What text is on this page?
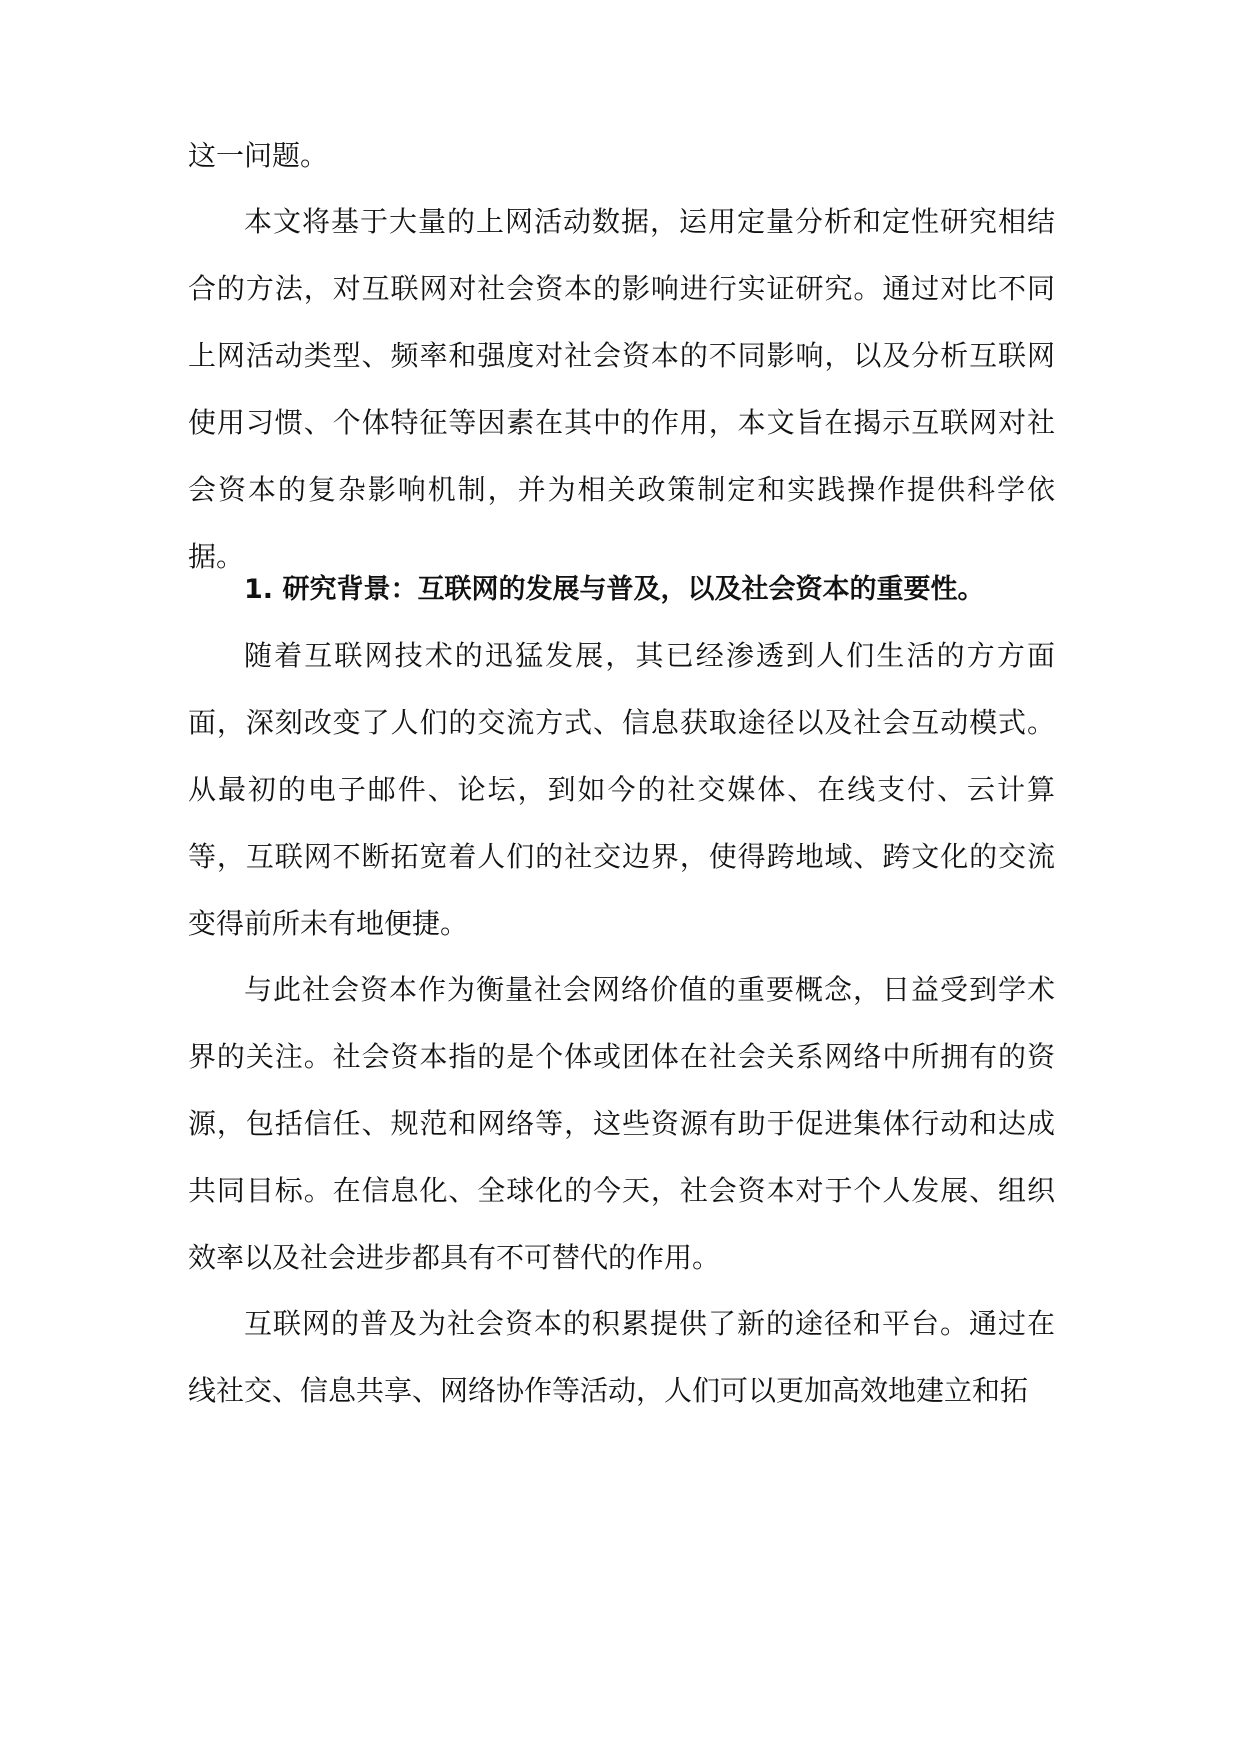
这一问题。

本文将基于大量的上网活动数据，运用定量分析和定性研究相结合的方法，对互联网对社会资本的影响进行实证研究。通过对比不同上网活动类型、频率和强度对社会资本的不同影响，以及分析互联网使用习惯、个体特征等因素在其中的作用，本文旨在揭示互联网对社会资本的复杂影响机制，并为相关政策制定和实践操作提供科学依据。

1. 研究背景：互联网的发展与普及，以及社会资本的重要性。

随着互联网技术的迅猛发展，其已经渗透到人们生活的方方面面，深刻改变了人们的交流方式、信息获取途径以及社会互动模式。从最初的电子邮件、论坛，到如今的社交媒体、在线支付、云计算等，互联网不断拓宽着人们的社交边界，使得跨地域、跨文化的交流变得前所未有地便捷。

与此社会资本作为衡量社会网络价值的重要概念，日益受到学术界的关注。社会资本指的是个体或团体在社会关系网络中所拥有的资源，包括信任、规范和网络等，这些资源有助于促进集体行动和达成共同目标。在信息化、全球化的今天，社会资本对于个人发展、组织效率以及社会进步都具有不可替代的作用。

互联网的普及为社会资本的积累提供了新的途径和平台。通过在线社交、信息共享、网络协作等活动，人们可以更加高效地建立和拓
